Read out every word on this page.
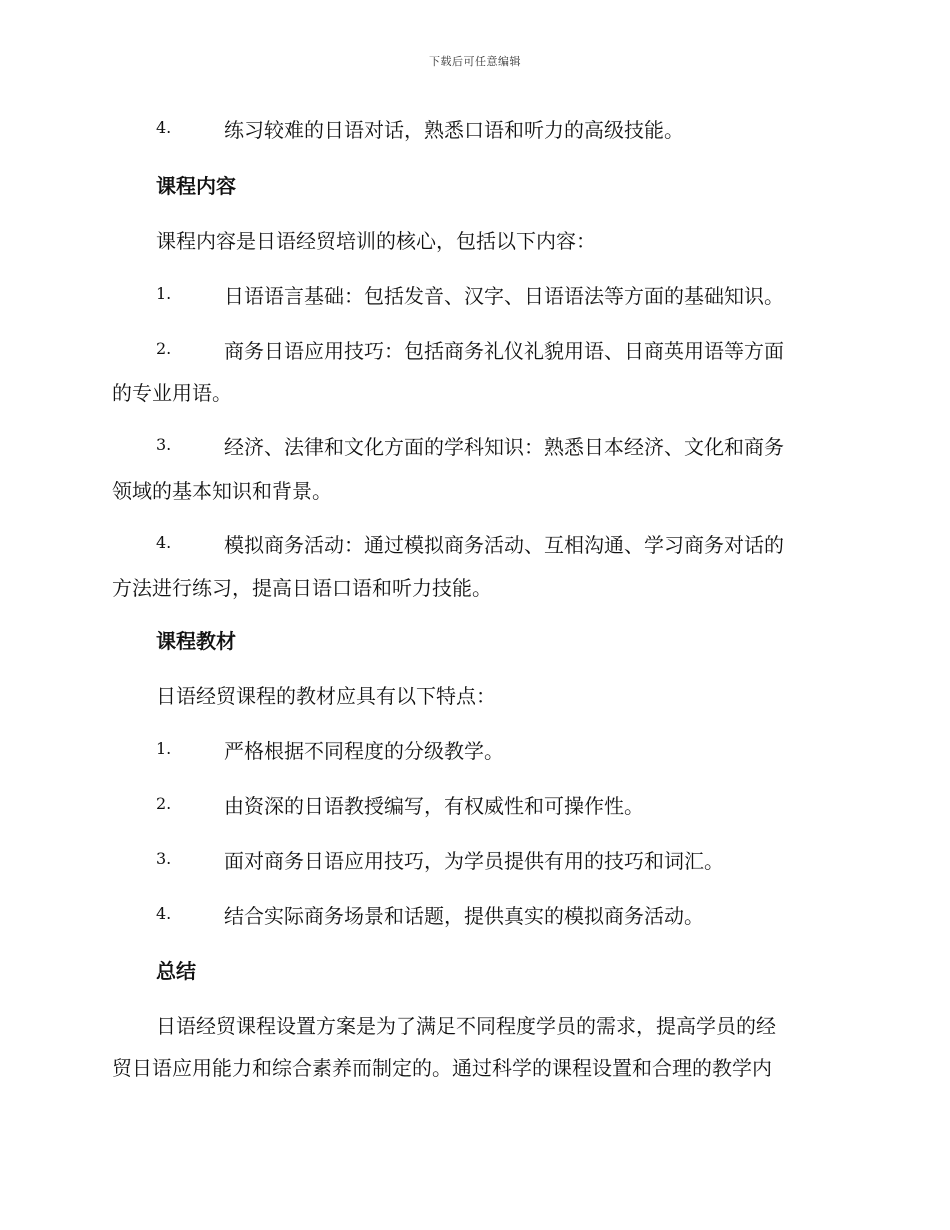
下载后可任意编辑
4.	练习较难的日语对话，熟悉口语和听力的高级技能。
课程内容
课程内容是日语经贸培训的核心，包括以下内容：
1.	日语语言基础：包括发音、汉字、日语语法等方面的基础知识。
2.	商务日语应用技巧：包括商务礼仪礼貌用语、日商英用语等方面
的专业用语。
3.	经济、法律和文化方面的学科知识：熟悉日本经济、文化和商务
领域的基本知识和背景。
4.	模拟商务活动：通过模拟商务活动、互相沟通、学习商务对话的
方法进行练习，提高日语口语和听力技能。
课程教材
日语经贸课程的教材应具有以下特点：
1.	严格根据不同程度的分级教学。
2.	由资深的日语教授编写，有权威性和可操作性。
3.	面对商务日语应用技巧，为学员提供有用的技巧和词汇。
4.	结合实际商务场景和话题，提供真实的模拟商务活动。
总结
日语经贸课程设置方案是为了满足不同程度学员的需求，提高学员的经
贸日语应用能力和综合素养而制定的。通过科学的课程设置和合理的教学内
